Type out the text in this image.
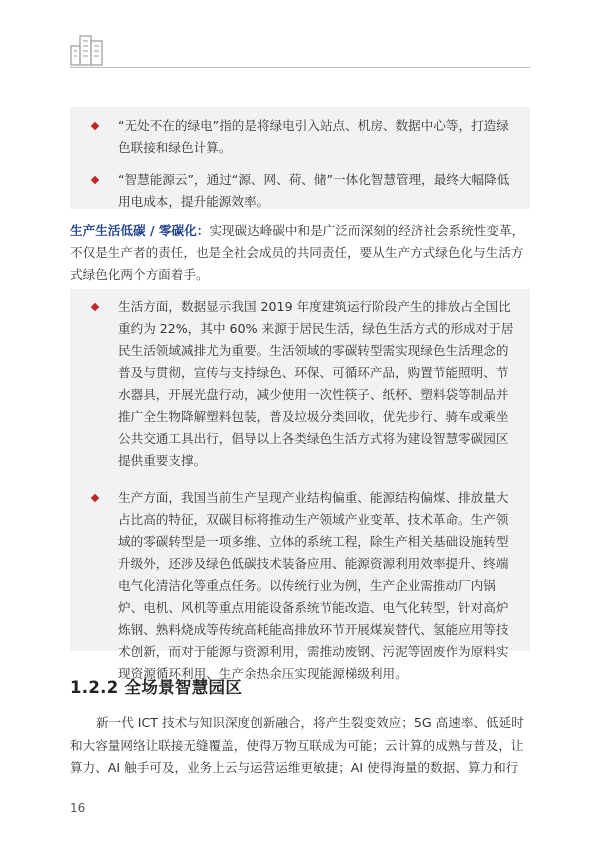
“无处不在的绿电”指的是将绿电引入站点、机房、数据中心等，打造绿色联接和绿色计算。
“智慧能源云”，通过“源、网、荷、储”一体化智慧管理，最终大幅降低用电成本，提升能源效率。
生产生活低碳 / 零碳化：实现碳达峰碳中和是广泛而深刻的经济社会系统性变革，不仅是生产者的责任，也是全社会成员的共同责任，要从生产方式绿色化与生活方式绿色化两个方面着手。
生活方面，数据显示我国 2019 年度建筑运行阶段产生的排放占全国比重约为 22%，其中 60% 来源于居民生活，绿色生活方式的形成对于居民生活领域减排尤为重要。生活领域的零碳转型需实现绿色生活理念的普及与贯彻，宣传与支持绿色、环保、可循环产品，购置节能照明、节水器具，开展光盘行动，减少使用一次性筷子、纸杯、塑料袋等制品并推广全生物降解塑料包装，普及垃圾分类回收，优先步行、骑车或乘坐公共交通工具出行，倡导以上各类绿色生活方式将为建设智慧零碳园区提供重要支撑。
生产方面，我国当前生产呈现产业结构偏重、能源结构偏煤、排放量大占比高的特征，双碳目标将推动生产领域产业变革、技术革命。生产领域的零碳转型是一项多维、立体的系统工程，除生产相关基础设施转型升级外，还涉及绿色低碳技术装备应用、能源资源利用效率提升、终端电气化清洁化等重点任务。以传统行业为例，生产企业需推动厂内锅炉、电机、风机等重点用能设备系统节能改造、电气化转型，针对高炉炼钢、熟料烧成等传统高耗能高排放环节开展煤炭替代、氢能应用等技术创新，而对于能源与资源利用，需推动废钢、污泥等固废作为原料实现资源循环利用、生产余热余压实现能源梯级利用。
1.2.2 全场景智慧园区
新一代 ICT 技术与知识深度创新融合，将产生裂变效应；5G 高速率、低延时和大容量网络让联接无缝覆盖，使得万物互联成为可能；云计算的成熟与普及，让算力、AI 触手可及，业务上云与运营运维更敏捷；AI 使得海量的数据、算力和行
16
